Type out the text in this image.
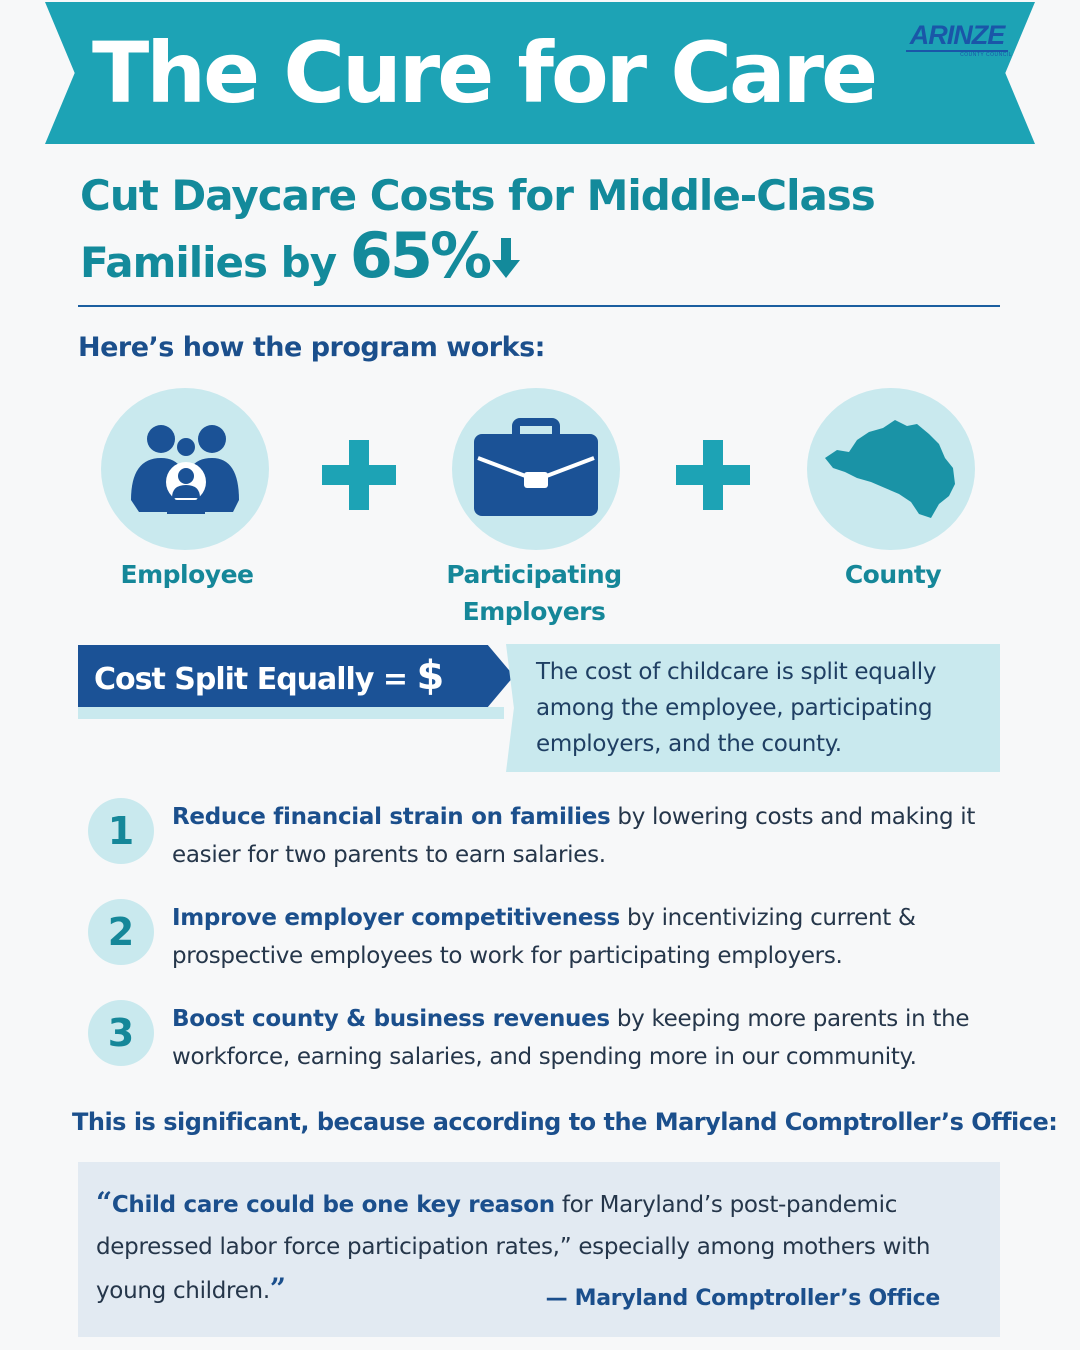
The Cure for Care	ARINZE
COUNTY COUNCIL
Cut Daycare Costs for Middle-Class
Families by 65%
Here’s how the program works:
Employee	Participating
Employers
County
Cost Split Equally = $	The cost of childcare is split equally among the employee, participating employers, and the county.
1	Reduce financial strain on families by lowering costs and making it easier for two parents to earn salaries.
2	Improve employer competitiveness by incentivizing current & prospective employees to work for participating employers.
3	Boost county & business revenues by keeping more parents in the workforce, earning salaries, and spending more in our community.
This is significant, because according to the Maryland Comptroller’s Office:
“Child care could be one key reason for Maryland’s post-pandemic depressed labor force participation rates,” especially among mothers with young children.”	— Maryland Comptroller’s Office
